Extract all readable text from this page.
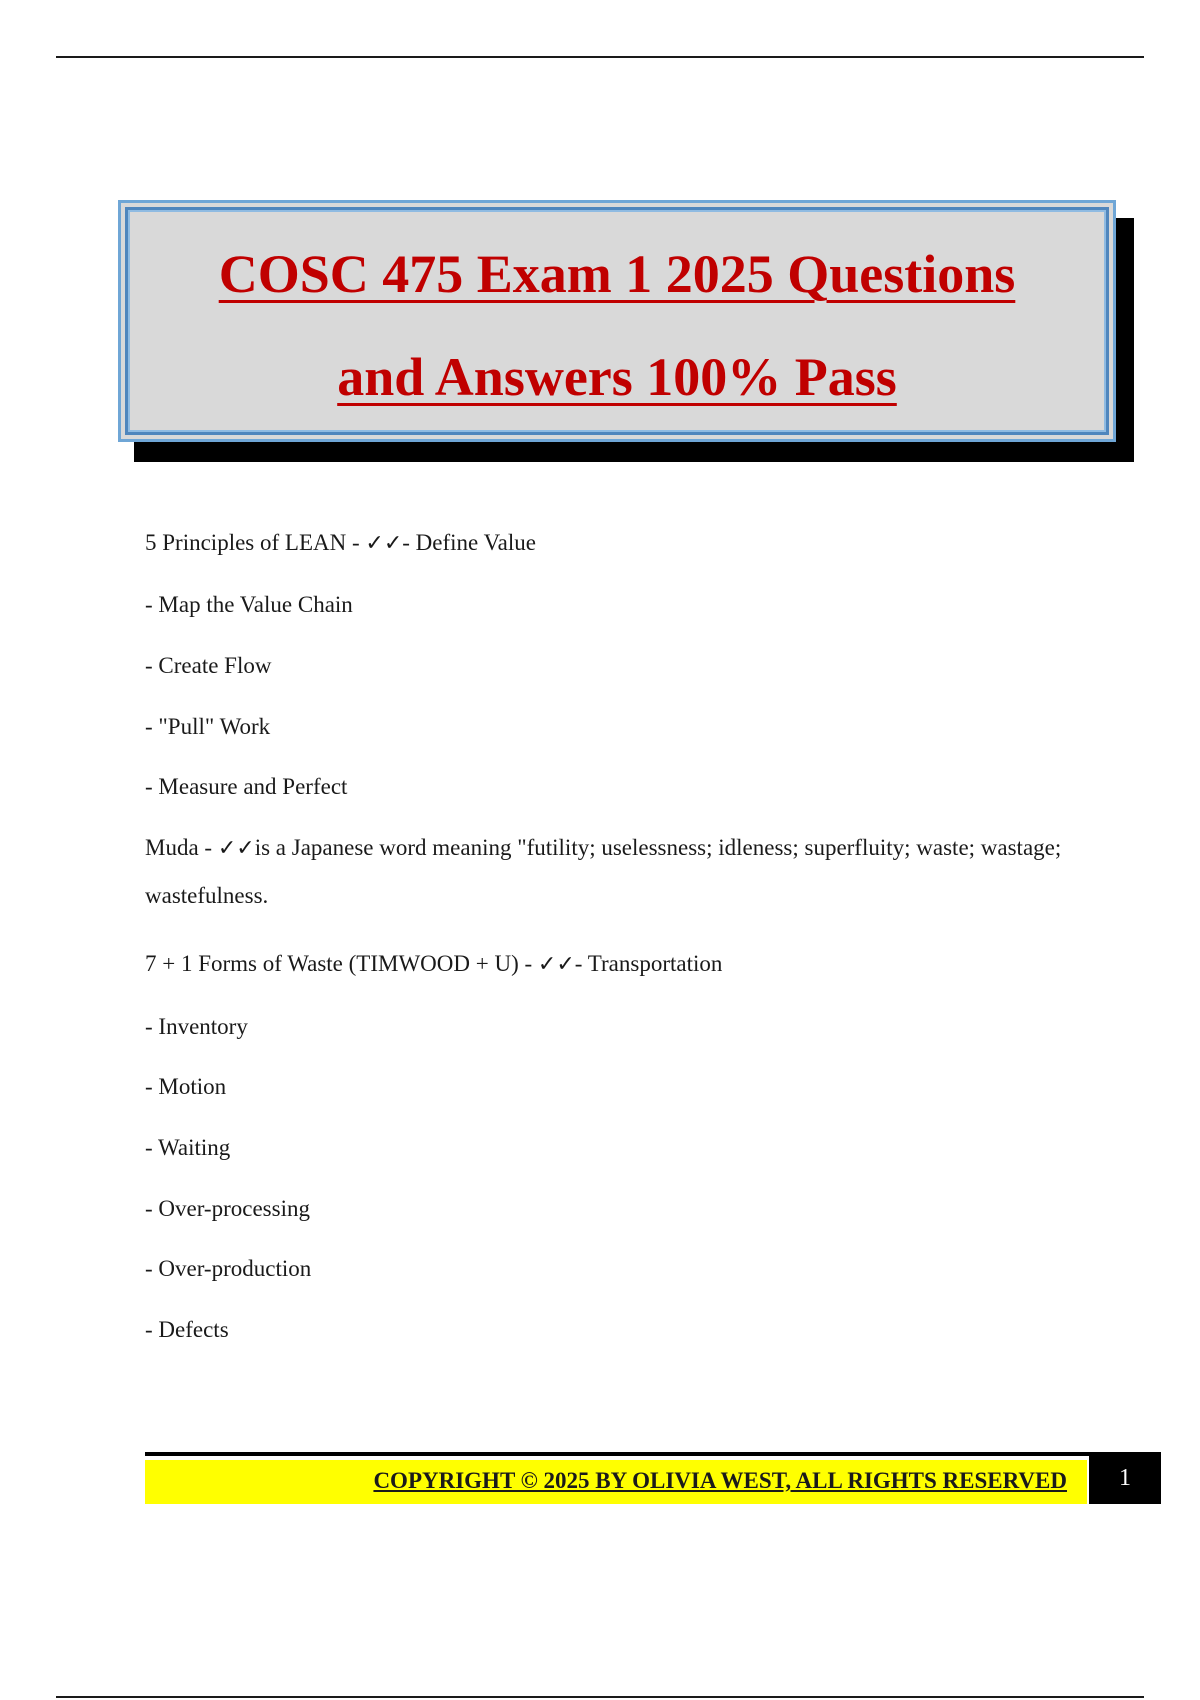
COSC 475 Exam 1 2025 Questions
and Answers 100% Pass
5 Principles of LEAN - ✓✓- Define Value
- Map the Value Chain
- Create Flow
- "Pull" Work
- Measure and Perfect
Muda - ✓✓is a Japanese word meaning "futility; uselessness; idleness; superfluity; waste; wastage; wastefulness.
7 + 1 Forms of Waste (TIMWOOD + U) - ✓✓- Transportation
- Inventory
- Motion
- Waiting
- Over-processing
- Over-production
- Defects
COPYRIGHT © 2025 BY OLIVIA WEST, ALL RIGHTS RESERVED	1
